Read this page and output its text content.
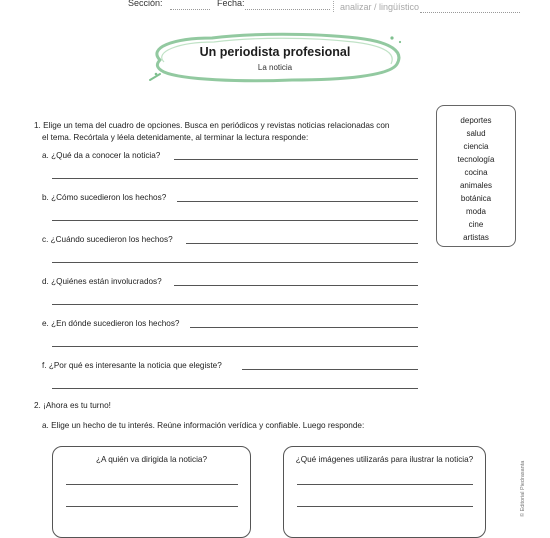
Sección:	Fecha:	analizar / lingüístico
Un periodista profesional
La noticia
1. Elige un tema del cuadro de opciones. Busca en periódicos y revistas noticias relacionadas con
el tema. Recórtala y léela detenidamente, al terminar la lectura responde:
a. ¿Qué da a conocer la noticia?
b. ¿Cómo sucedieron los hechos?
c. ¿Cuándo sucedieron los hechos?
d. ¿Quiénes están involucrados?
e. ¿En dónde sucedieron los hechos?
f. ¿Por qué es interesante la noticia que elegiste?
deportes
salud
ciencia
tecnología
cocina
animales
botánica
moda
cine
artistas
2. ¡Ahora es tu turno!
a. Elige un hecho de tu interés. Reúne información verídica y confiable. Luego responde:
¿A quién va dirigida la noticia?	¿Qué imágenes utilizarás para ilustrar la noticia?
© Editorial Piedrasanta
